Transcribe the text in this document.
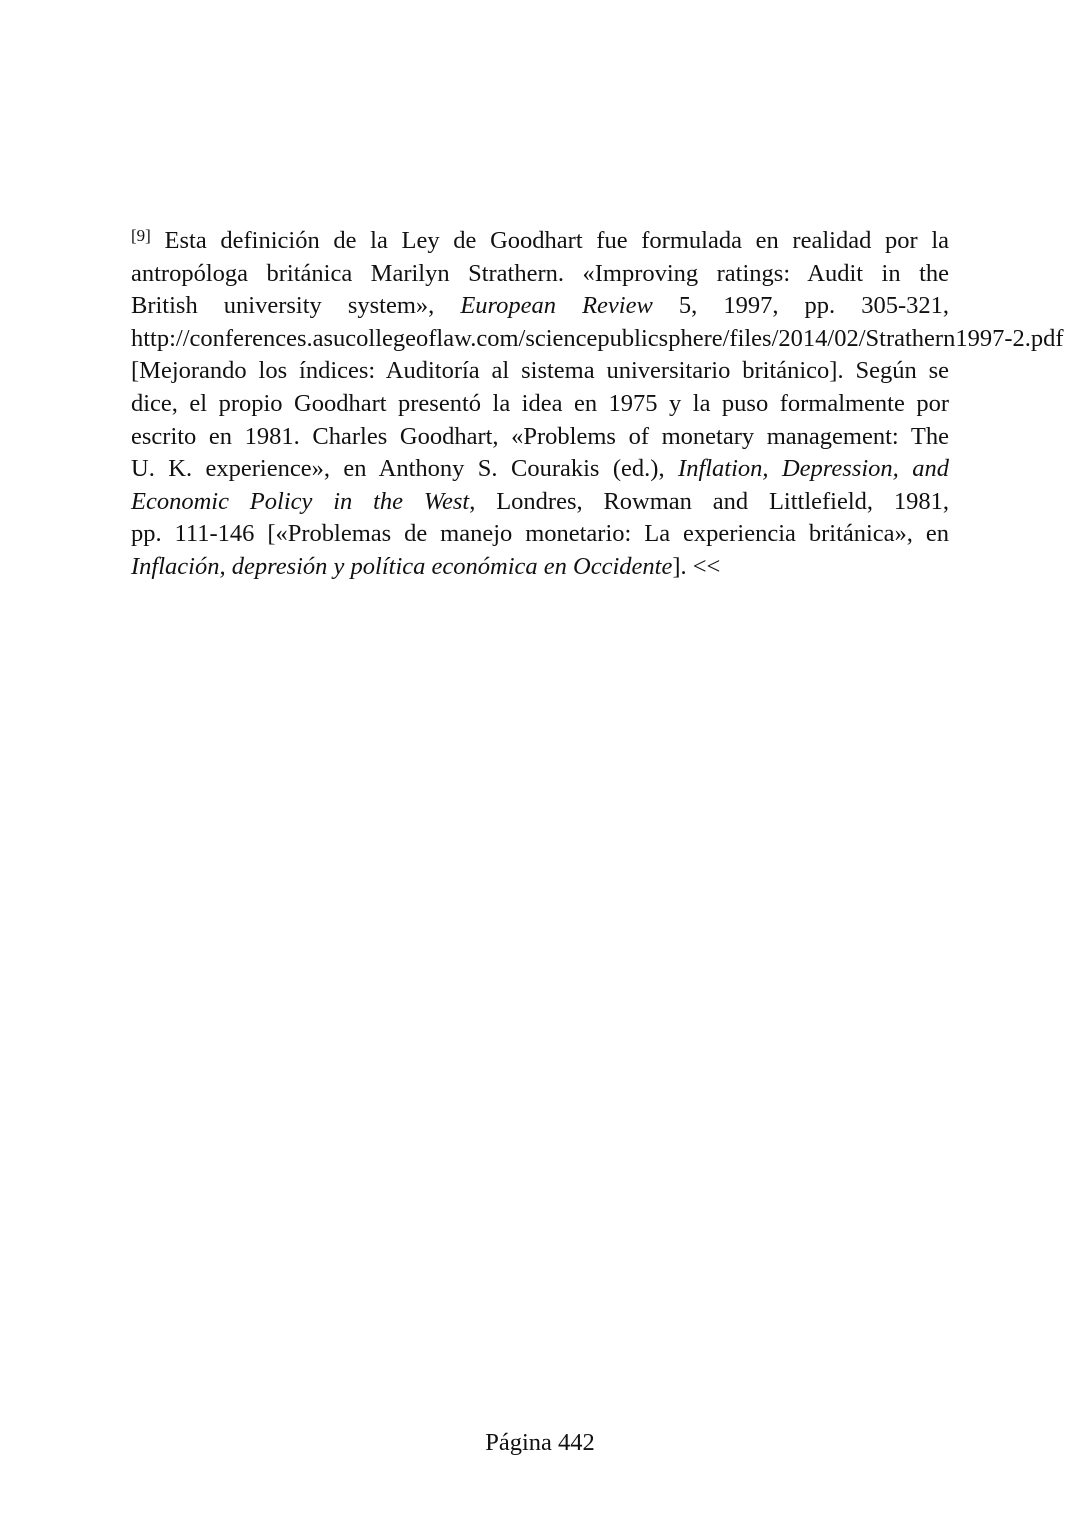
[9] Esta definición de la Ley de Goodhart fue formulada en realidad por la
antropóloga británica Marilyn Strathern. «Improving ratings: Audit in the
British university system», European Review 5, 1997, pp. 305-321,
http://conferences.asucollegeoflaw.com/sciencepublicsphere/files/2014/02/Strathern1997-2.pdf
[Mejorando los índices: Auditoría al sistema universitario británico]. Según se
dice, el propio Goodhart presentó la idea en 1975 y la puso formalmente por
escrito en 1981. Charles Goodhart, «Problems of monetary management: The
U. K. experience», en Anthony S. Courakis (ed.), Inflation, Depression, and
Economic Policy in the West, Londres, Rowman and Littlefield, 1981,
pp. 111-146 [«Problemas de manejo monetario: La experiencia británica», en
Inflación, depresión y política económica en Occidente]. <<
Página 442
